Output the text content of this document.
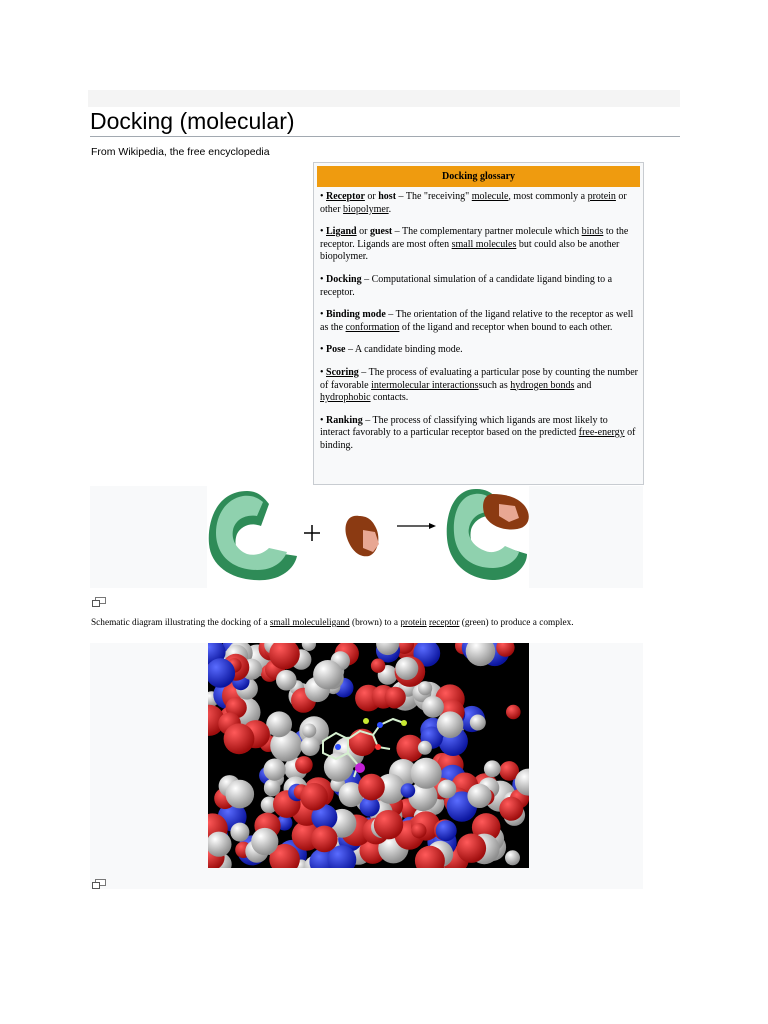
Docking (molecular)
From Wikipedia, the free encyclopedia
Docking glossary

• Receptor or host – The "receiving" molecule, most commonly a protein or other biopolymer.

• Ligand or guest – The complementary partner molecule which binds to the receptor. Ligands are most often small molecules but could also be another biopolymer.

• Docking – Computational simulation of a candidate ligand binding to a receptor.

• Binding mode – The orientation of the ligand relative to the receptor as well as the conformation of the ligand and receptor when bound to each other.

• Pose – A candidate binding mode.

• Scoring – The process of evaluating a particular pose by counting the number of favorable intermolecular interactionssuch as hydrogen bonds and hydrophobic contacts.

• Ranking – The process of classifying which ligands are most likely to interact favorably to a particular receptor based on the predicted free-energy of binding.

Schematic diagram illustrating the docking of a small moleculeligand (brown) to a protein receptor (green) to produce a complex.
